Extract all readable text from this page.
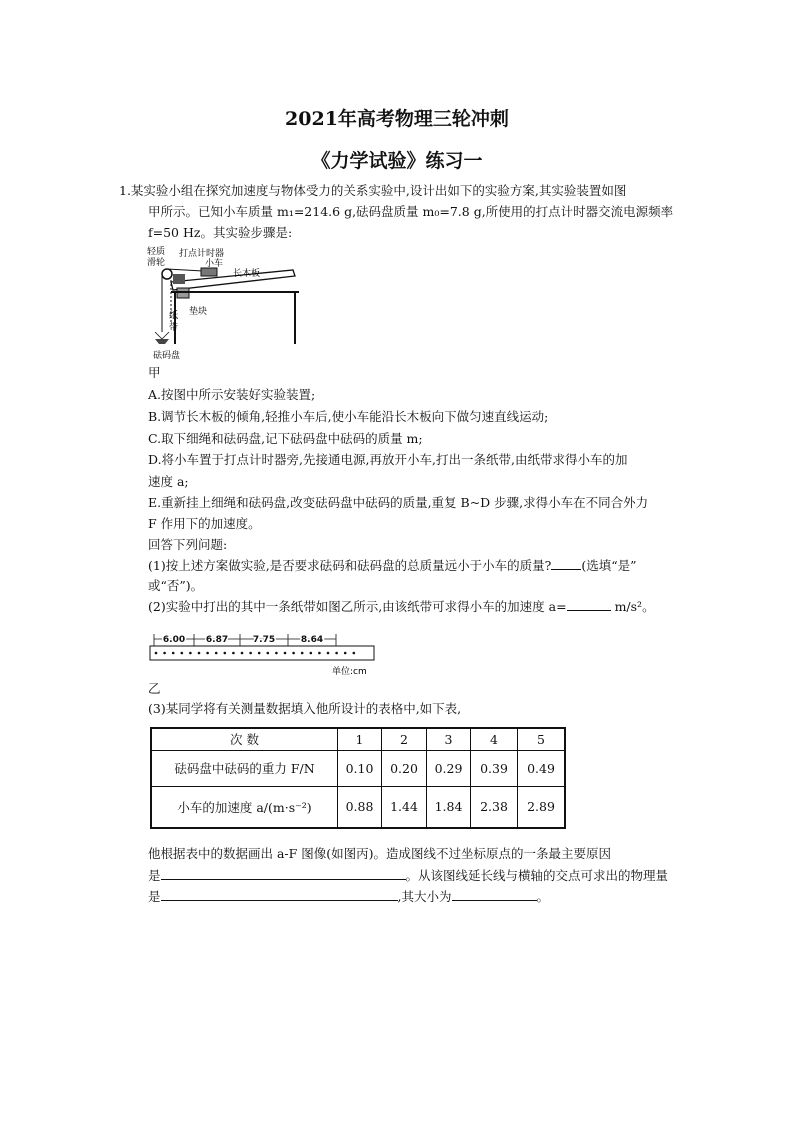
2021年高考物理三轮冲刺
《力学试验》练习一
1.某实验小组在探究加速度与物体受力的关系实验中,设计出如下的实验方案,其实验装置如图
甲所示。已知小车质量 m₁=214.6 g,砝码盘质量 m₀=7.8 g,所使用的打点计时器交流电源频率
f=50 Hz。其实验步骤是:
轻质
滑轮
打点计时器
小车
长木板
纸
带
垫块
砝码盘
甲
A.按图中所示安装好实验装置;
B.调节长木板的倾角,轻推小车后,使小车能沿长木板向下做匀速直线运动;
C.取下细绳和砝码盘,记下砝码盘中砝码的质量 m;
D.将小车置于打点计时器旁,先接通电源,再放开小车,打出一条纸带,由纸带求得小车的加
速度 a;
E.重新挂上细绳和砝码盘,改变砝码盘中砝码的质量,重复 B~D 步骤,求得小车在不同合外力
F 作用下的加速度。
回答下列问题:
(1)按上述方案做实验,是否要求砝码和砝码盘的总质量远小于小车的质量? (选填“是”
或“否”)。
(2)实验中打出的其中一条纸带如图乙所示,由该纸带可求得小车的加速度 a=	m/s²。
6.00 6.87	7.75	8.64
单位:cm
乙
(3)某同学将有关测量数据填入他所设计的表格中,如下表,
次 数	1	2	3	4	5
砝码盘中砝码的重力 F/N	0.10	0.20	0.29	0.39	0.49
小车的加速度 a/(m·s⁻²)	0.88	1.44	1.84	2.38	2.89
他根据表中的数据画出 a-F 图像(如图丙)。造成图线不过坐标原点的一条最主要原因
是	。从该图线延长线与横轴的交点可求出的物理量
是	,其大小为	。
